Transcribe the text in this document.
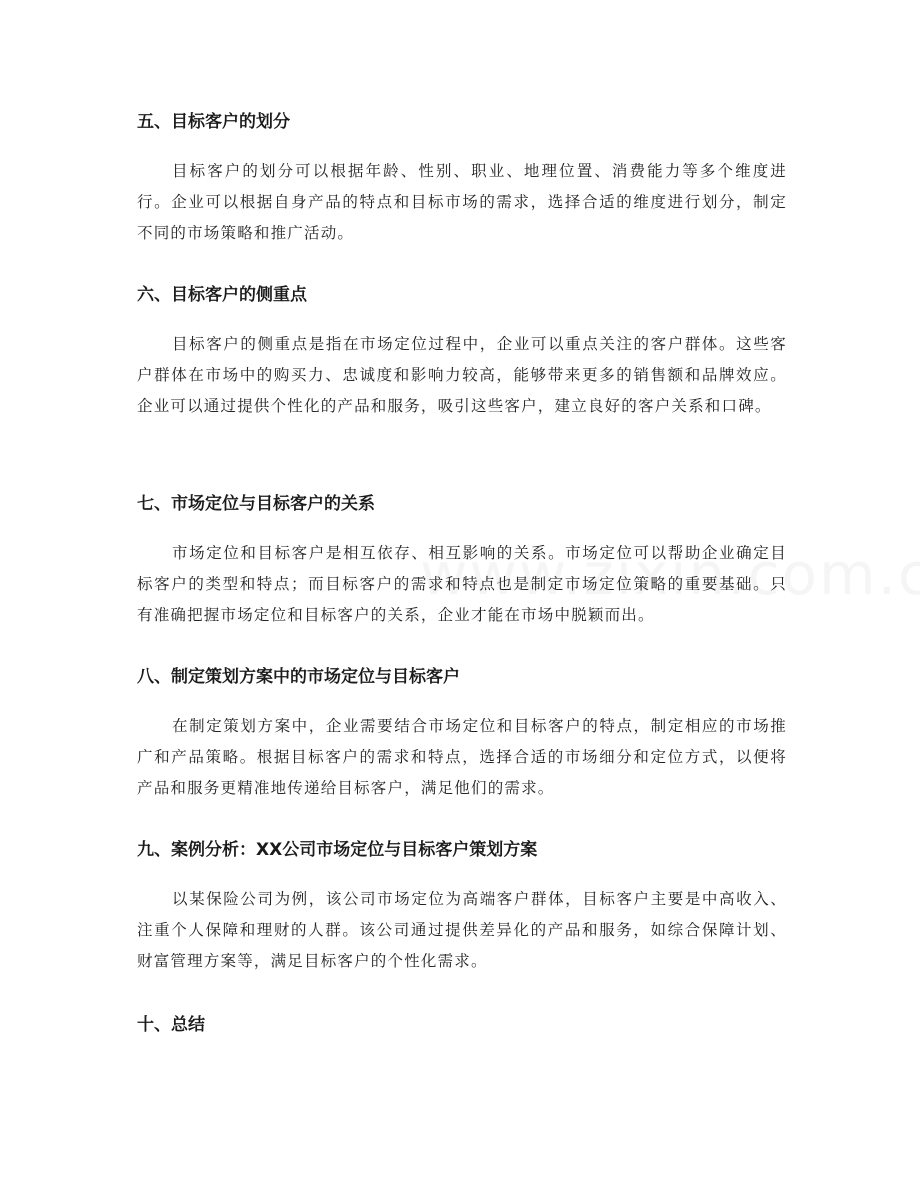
五、目标客户的划分

目标客户的划分可以根据年龄、性别、职业、地理位置、消费能力等多个维度进行。企业可以根据自身产品的特点和目标市场的需求，选择合适的维度进行划分，制定不同的市场策略和推广活动。

六、目标客户的侧重点

目标客户的侧重点是指在市场定位过程中，企业可以重点关注的客户群体。这些客户群体在市场中的购买力、忠诚度和影响力较高，能够带来更多的销售额和品牌效应。企业可以通过提供个性化的产品和服务，吸引这些客户，建立良好的客户关系和口碑。

七、市场定位与目标客户的关系

市场定位和目标客户是相互依存、相互影响的关系。市场定位可以帮助企业确定目标客户的类型和特点；而目标客户的需求和特点也是制定市场定位策略的重要基础。只有准确把握市场定位和目标客户的关系，企业才能在市场中脱颖而出。

八、制定策划方案中的市场定位与目标客户

在制定策划方案中，企业需要结合市场定位和目标客户的特点，制定相应的市场推广和产品策略。根据目标客户的需求和特点，选择合适的市场细分和定位方式，以便将产品和服务更精准地传递给目标客户，满足他们的需求。

九、案例分析：XX公司市场定位与目标客户策划方案

以某保险公司为例，该公司市场定位为高端客户群体，目标客户主要是中高收入、注重个人保障和理财的人群。该公司通过提供差异化的产品和服务，如综合保障计划、财富管理方案等，满足目标客户的个性化需求。

十、总结
